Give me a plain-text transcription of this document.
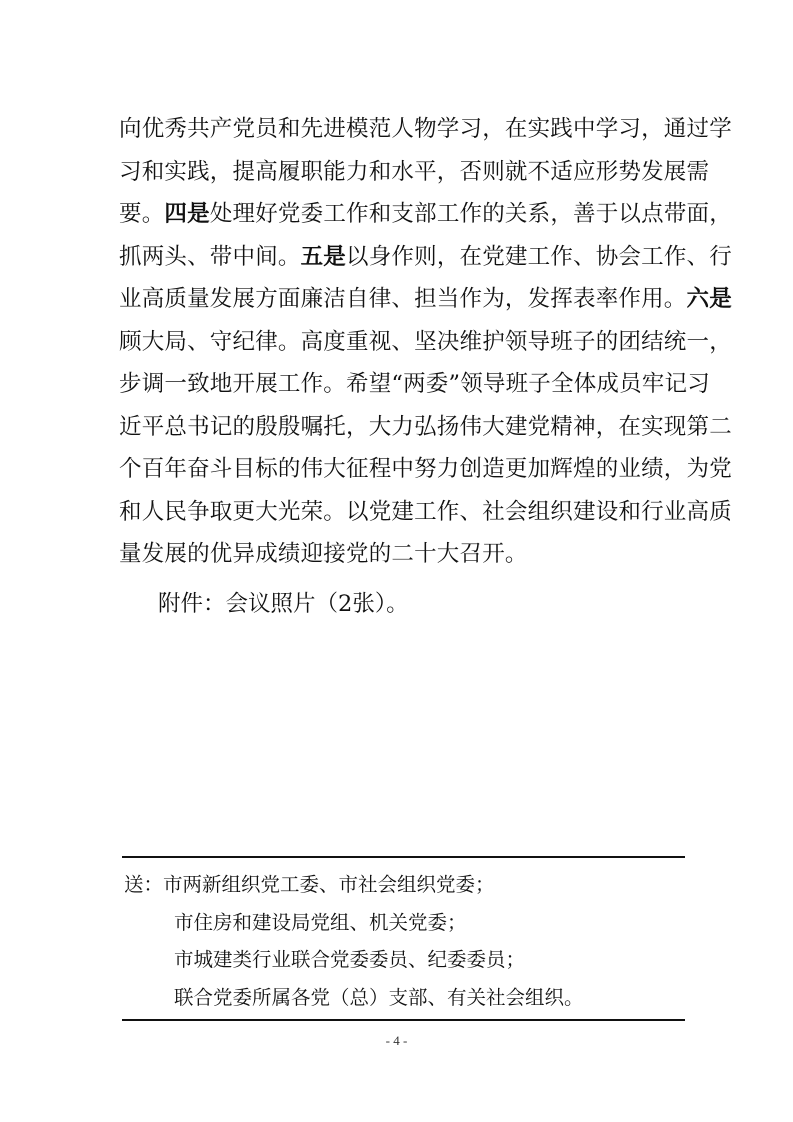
向优秀共产党员和先进模范人物学习，在实践中学习，通过学
习和实践，提高履职能力和水平，否则就不适应形势发展需
要。四是处理好党委工作和支部工作的关系，善于以点带面，
抓两头、带中间。五是以身作则，在党建工作、协会工作、行
业高质量发展方面廉洁自律、担当作为，发挥表率作用。六是
顾大局、守纪律。高度重视、坚决维护领导班子的团结统一，
步调一致地开展工作。希望“两委”领导班子全体成员牢记习
近平总书记的殷殷嘱托，大力弘扬伟大建党精神，在实现第二
个百年奋斗目标的伟大征程中努力创造更加辉煌的业绩，为党
和人民争取更大光荣。以党建工作、社会组织建设和行业高质
量发展的优异成绩迎接党的二十大召开。
附件：会议照片（2张）。
送：市两新组织党工委、市社会组织党委；
市住房和建设局党组、机关党委；
市城建类行业联合党委委员、纪委委员；
联合党委所属各党（总）支部、有关社会组织。
- 4 -
